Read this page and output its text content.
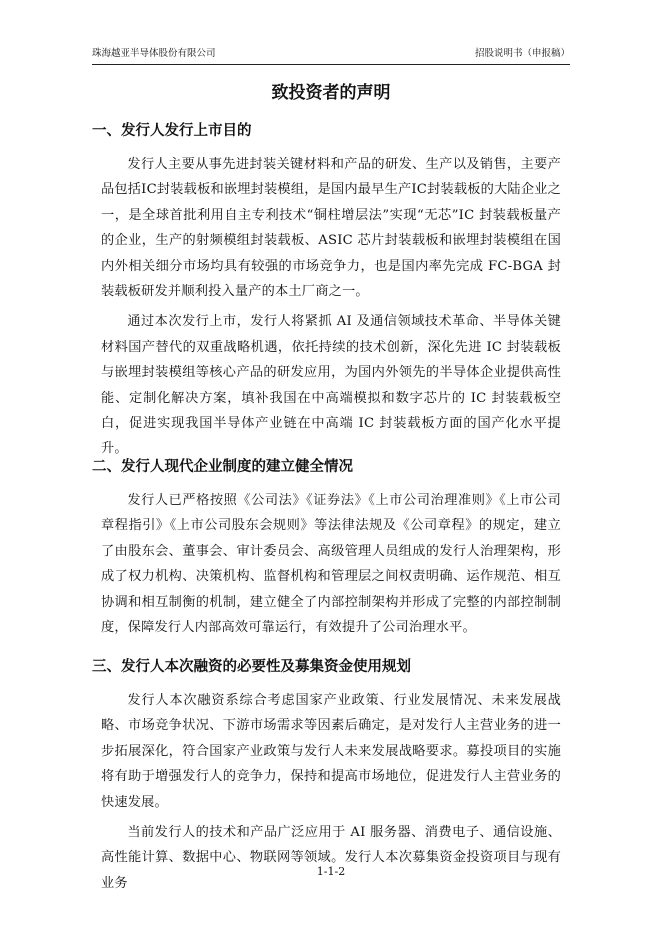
珠海越亚半导体股份有限公司	招股说明书（申报稿）
致投资者的声明
一、发行人发行上市目的

发行人主要从事先进封装关键材料和产品的研发、生产以及销售，主要产品包括IC封装载板和嵌埋封装模组，是国内最早生产IC封装载板的大陆企业之一，是全球首批利用自主专利技术“铜柱增层法”实现“无芯”IC 封装载板量产的企业，生产的射频模组封装载板、ASIC 芯片封装载板和嵌埋封装模组在国内外相关细分市场均具有较强的市场竞争力，也是国内率先完成 FC-BGA 封装载板研发并顺利投入量产的本土厂商之一。

通过本次发行上市，发行人将紧抓 AI 及通信领域技术革命、半导体关键材料国产替代的双重战略机遇，依托持续的技术创新，深化先进 IC 封装载板与嵌埋封装模组等核心产品的研发应用，为国内外领先的半导体企业提供高性能、定制化解决方案，填补我国在中高端模拟和数字芯片的 IC 封装载板空白，促进实现我国半导体产业链在中高端 IC 封装载板方面的国产化水平提升。

二、发行人现代企业制度的建立健全情况

发行人已严格按照《公司法》《证券法》《上市公司治理准则》《上市公司章程指引》《上市公司股东会规则》等法律法规及《公司章程》的规定，建立了由股东会、董事会、审计委员会、高级管理人员组成的发行人治理架构，形成了权力机构、决策机构、监督机构和管理层之间权责明确、运作规范、相互协调和相互制衡的机制，建立健全了内部控制架构并形成了完整的内部控制制度，保障发行人内部高效可靠运行，有效提升了公司治理水平。

三、发行人本次融资的必要性及募集资金使用规划

发行人本次融资系综合考虑国家产业政策、行业发展情况、未来发展战略、市场竞争状况、下游市场需求等因素后确定，是对发行人主营业务的进一步拓展深化，符合国家产业政策与发行人未来发展战略要求。募投项目的实施将有助于增强发行人的竞争力，保持和提高市场地位，促进发行人主营业务的快速发展。

当前发行人的技术和产品广泛应用于 AI 服务器、消费电子、通信设施、高性能计算、数据中心、物联网等领域。发行人本次募集资金投资项目与现有业务

1-1-2
